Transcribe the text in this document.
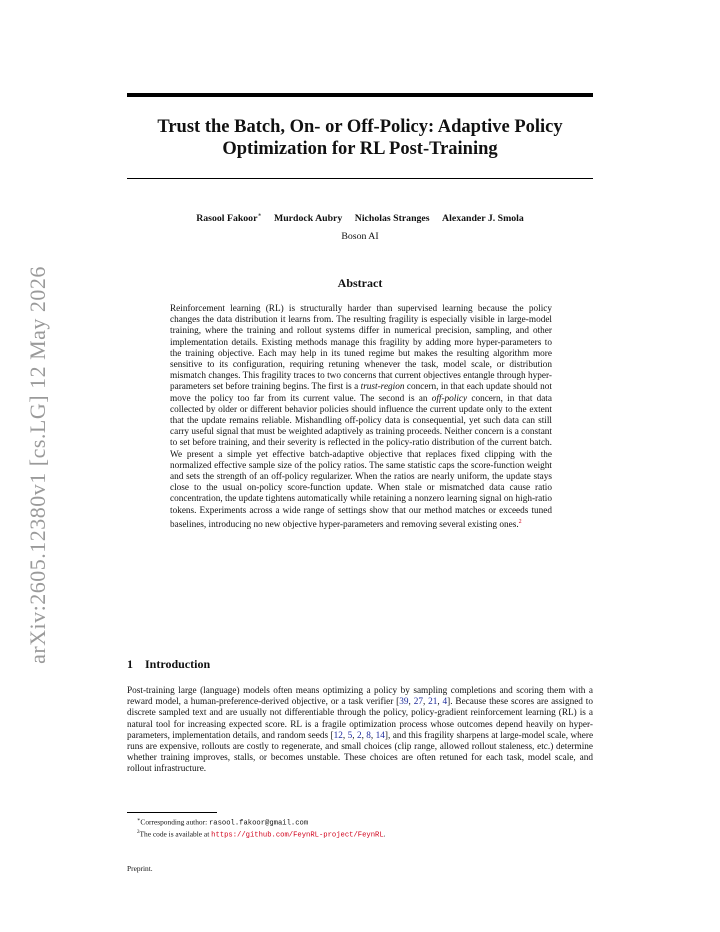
arXiv:2605.12380v1 [cs.LG] 12 May 2026
Trust the Batch, On- or Off-Policy: Adaptive Policy Optimization for RL Post-Training
Rasool Fakoor∗ Murdock Aubry Nicholas Stranges Alexander J. Smola
Boson AI
Abstract

Reinforcement learning (RL) is structurally harder than supervised learning because the policy changes the data distribution it learns from. The resulting fragility is especially visible in large-model training, where the training and rollout systems differ in numerical precision, sampling, and other implementation details. Existing methods manage this fragility by adding more hyper-parameters to the training objective. Each may help in its tuned regime but makes the resulting algorithm more sensitive to its configuration, requiring retuning whenever the task, model scale, or distribution mismatch changes. This fragility traces to two concerns that current objectives entangle through hyper-parameters set before training begins. The first is a trust-region concern, in that each update should not move the policy too far from its current value. The second is an off-policy concern, in that data collected by older or different behavior policies should influence the current update only to the extent that the update remains reliable. Mishandling off-policy data is consequential, yet such data can still carry useful signal that must be weighted adaptively as training proceeds. Neither concern is a constant to set before training, and their severity is reflected in the policy-ratio distribution of the current batch. We present a simple yet effective batch-adaptive objective that replaces fixed clipping with the normalized effective sample size of the policy ratios. The same statistic caps the score-function weight and sets the strength of an off-policy regularizer. When the ratios are nearly uniform, the update stays close to the usual on-policy score-function update. When stale or mismatched data cause ratio concentration, the update tightens automatically while retaining a nonzero learning signal on high-ratio tokens. Experiments across a wide range of settings show that our method matches or exceeds tuned baselines, introducing no new objective hyper-parameters and removing several existing ones.$^2$

1 Introduction

Post-training large (language) models often means optimizing a policy by sampling completions and scoring them with a reward model, a human-preference-derived objective, or a task verifier [39, 27, 21, 4]. Because these scores are assigned to discrete sampled text and are usually not differentiable through the policy, policy-gradient reinforcement learning (RL) is a natural tool for increasing expected score. RL is a fragile optimization process whose outcomes depend heavily on hyper-parameters, implementation details, and random seeds [12, 5, 2, 8, 14], and this fragility sharpens at large-model scale, where runs are expensive, rollouts are costly to regenerate, and small choices (clip range, allowed rollout staleness, etc.) determine whether training improves, stalls, or becomes unstable. These choices are often retuned for each task, model scale, and rollout infrastructure.

∗Corresponding author: rasool.fakoor@gmail.com
$^2$The code is available at https://github.com/FeynRL-project/FeynRL.
Preprint.
